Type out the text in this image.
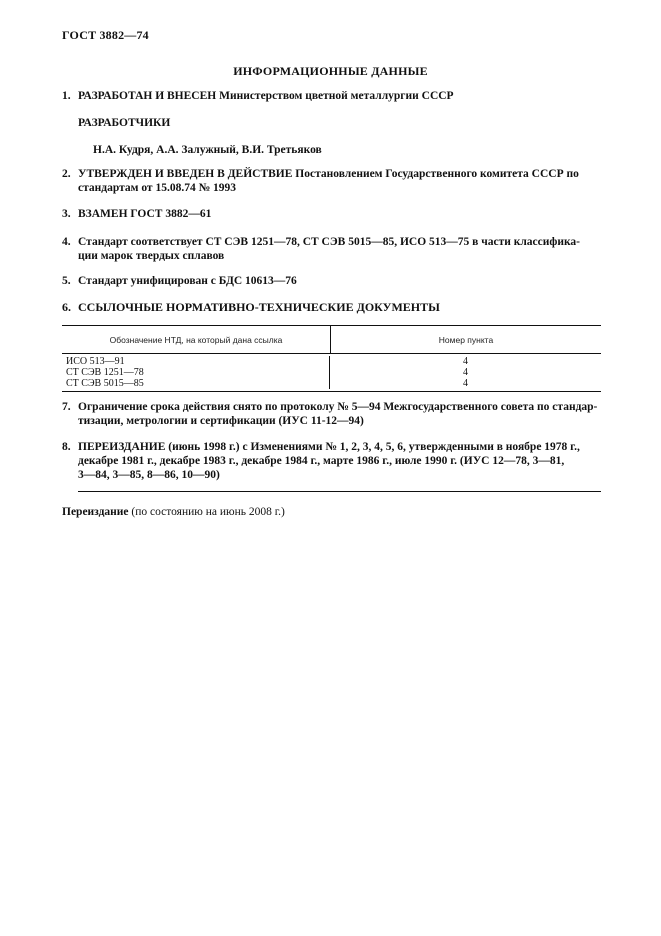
ГОСТ 3882—74
ИНФОРМАЦИОННЫЕ ДАННЫЕ
1. РАЗРАБОТАН И ВНЕСЕН Министерством цветной металлургии СССР
РАЗРАБОТЧИКИ
Н.А. Кудря, А.А. Залужный, В.И. Третьяков
2. УТВЕРЖДЕН И ВВЕДЕН В ДЕЙСТВИЕ Постановлением Государственного комитета СССР по
стандартам от 15.08.74 № 1993
3. ВЗАМЕН ГОСТ 3882—61
4. Стандарт соответствует СТ СЭВ 1251—78, СТ СЭВ 5015—85, ИСО 513—75 в части классифика-
ции марок твердых сплавов
5. Стандарт унифицирован с БДС 10613—76
6. ССЫЛОЧНЫЕ НОРМАТИВНО-ТЕХНИЧЕСКИЕ ДОКУМЕНТЫ
Обозначение НТД, на который дана ссылка	Номер пункта
ИСО 513—91
СТ СЭВ 1251—78
СТ СЭВ 5015—85
4
4
4
7. Ограничение срока действия снято по протоколу № 5—94 Межгосударственного совета по стандар-
тизации, метрологии и сертификации (ИУС 11-12—94)
8. ПЕРЕИЗДАНИЕ (июнь 1998 г.) с Изменениями № 1, 2, 3, 4, 5, 6, утвержденными в ноябре 1978 г.,
декабре 1981 г., декабре 1983 г., декабре 1984 г., марте 1986 г., июле 1990 г. (ИУС 12—78, 3—81,
3—84, 3—85, 8—86, 10—90)
Переиздание (по состоянию на июнь 2008 г.)
